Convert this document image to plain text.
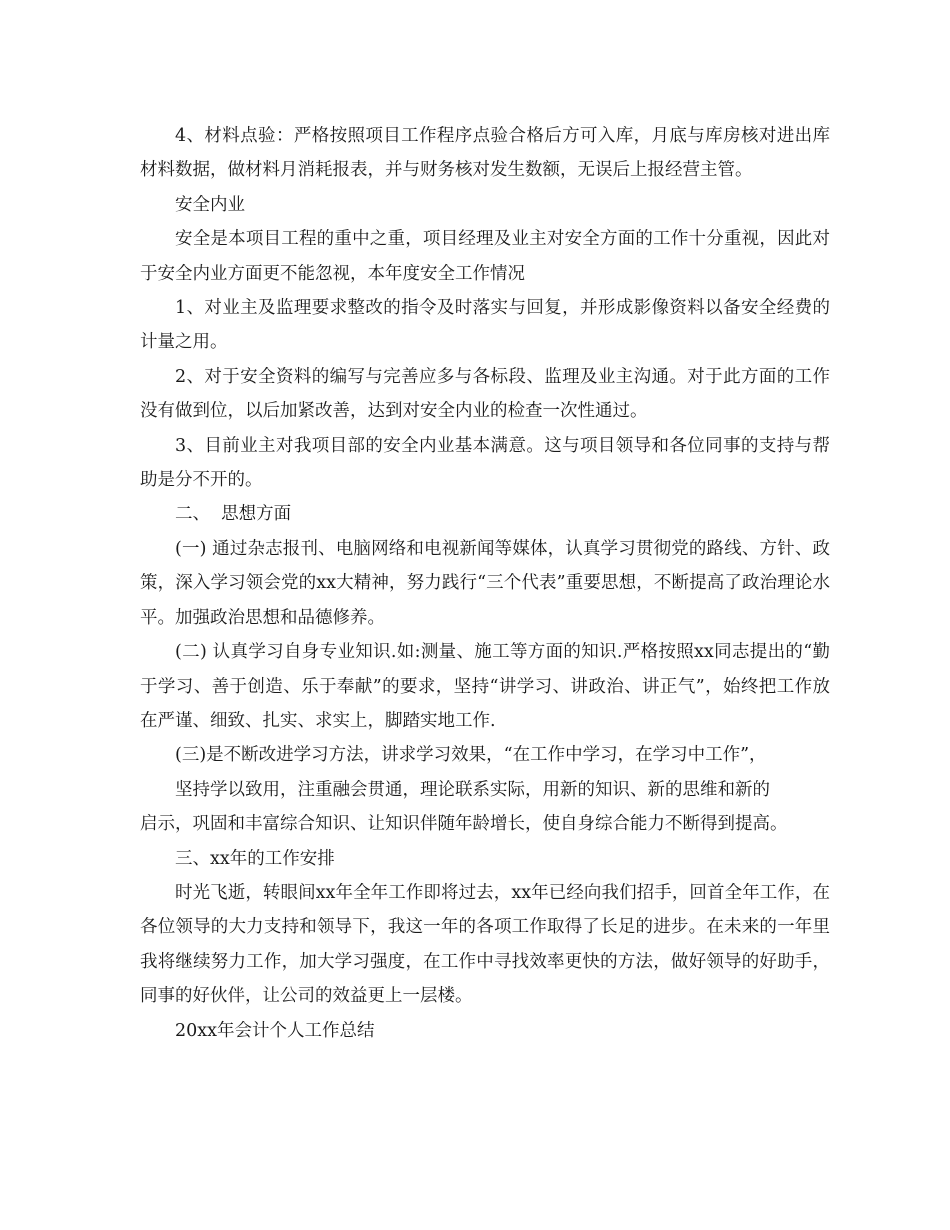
4、材料点验：严格按照项目工作程序点验合格后方可入库，月底与库房核对进出库材料数据，做材料月消耗报表，并与财务核对发生数额，无误后上报经营主管。

安全内业

安全是本项目工程的重中之重，项目经理及业主对安全方面的工作十分重视，因此对于安全内业方面更不能忽视，本年度安全工作情况

1、对业主及监理要求整改的指令及时落实与回复，并形成影像资料以备安全经费的计量之用。

2、对于安全资料的编写与完善应多与各标段、监理及业主沟通。对于此方面的工作没有做到位，以后加紧改善，达到对安全内业的检查一次性通过。

3、目前业主对我项目部的安全内业基本满意。这与项目领导和各位同事的支持与帮助是分不开的。

二、  思想方面

(一) 通过杂志报刊、电脑网络和电视新闻等媒体，认真学习贯彻党的路线、方针、政策，深入学习领会党的xx大精神，努力践行“三个代表”重要思想，不断提高了政治理论水平。加强政治思想和品德修养。

(二) 认真学习自身专业知识.如:测量、施工等方面的知识.严格按照xx同志提出的“勤于学习、善于创造、乐于奉献”的要求，坚持“讲学习、讲政治、讲正气”，始终把工作放在严谨、细致、扎实、求实上，脚踏实地工作.

(三)是不断改进学习方法，讲求学习效果，“在工作中学习，在学习中工作”，

坚持学以致用，注重融会贯通，理论联系实际，用新的知识、新的思维和新的

启示，巩固和丰富综合知识、让知识伴随年龄增长，使自身综合能力不断得到提高。

三、xx年的工作安排

时光飞逝，转眼间xx年全年工作即将过去，xx年已经向我们招手，回首全年工作，在各位领导的大力支持和领导下，我这一年的各项工作取得了长足的进步。在未来的一年里我将继续努力工作，加大学习强度，在工作中寻找效率更快的方法，做好领导的好助手，同事的好伙伴，让公司的效益更上一层楼。

20xx年会计个人工作总结
